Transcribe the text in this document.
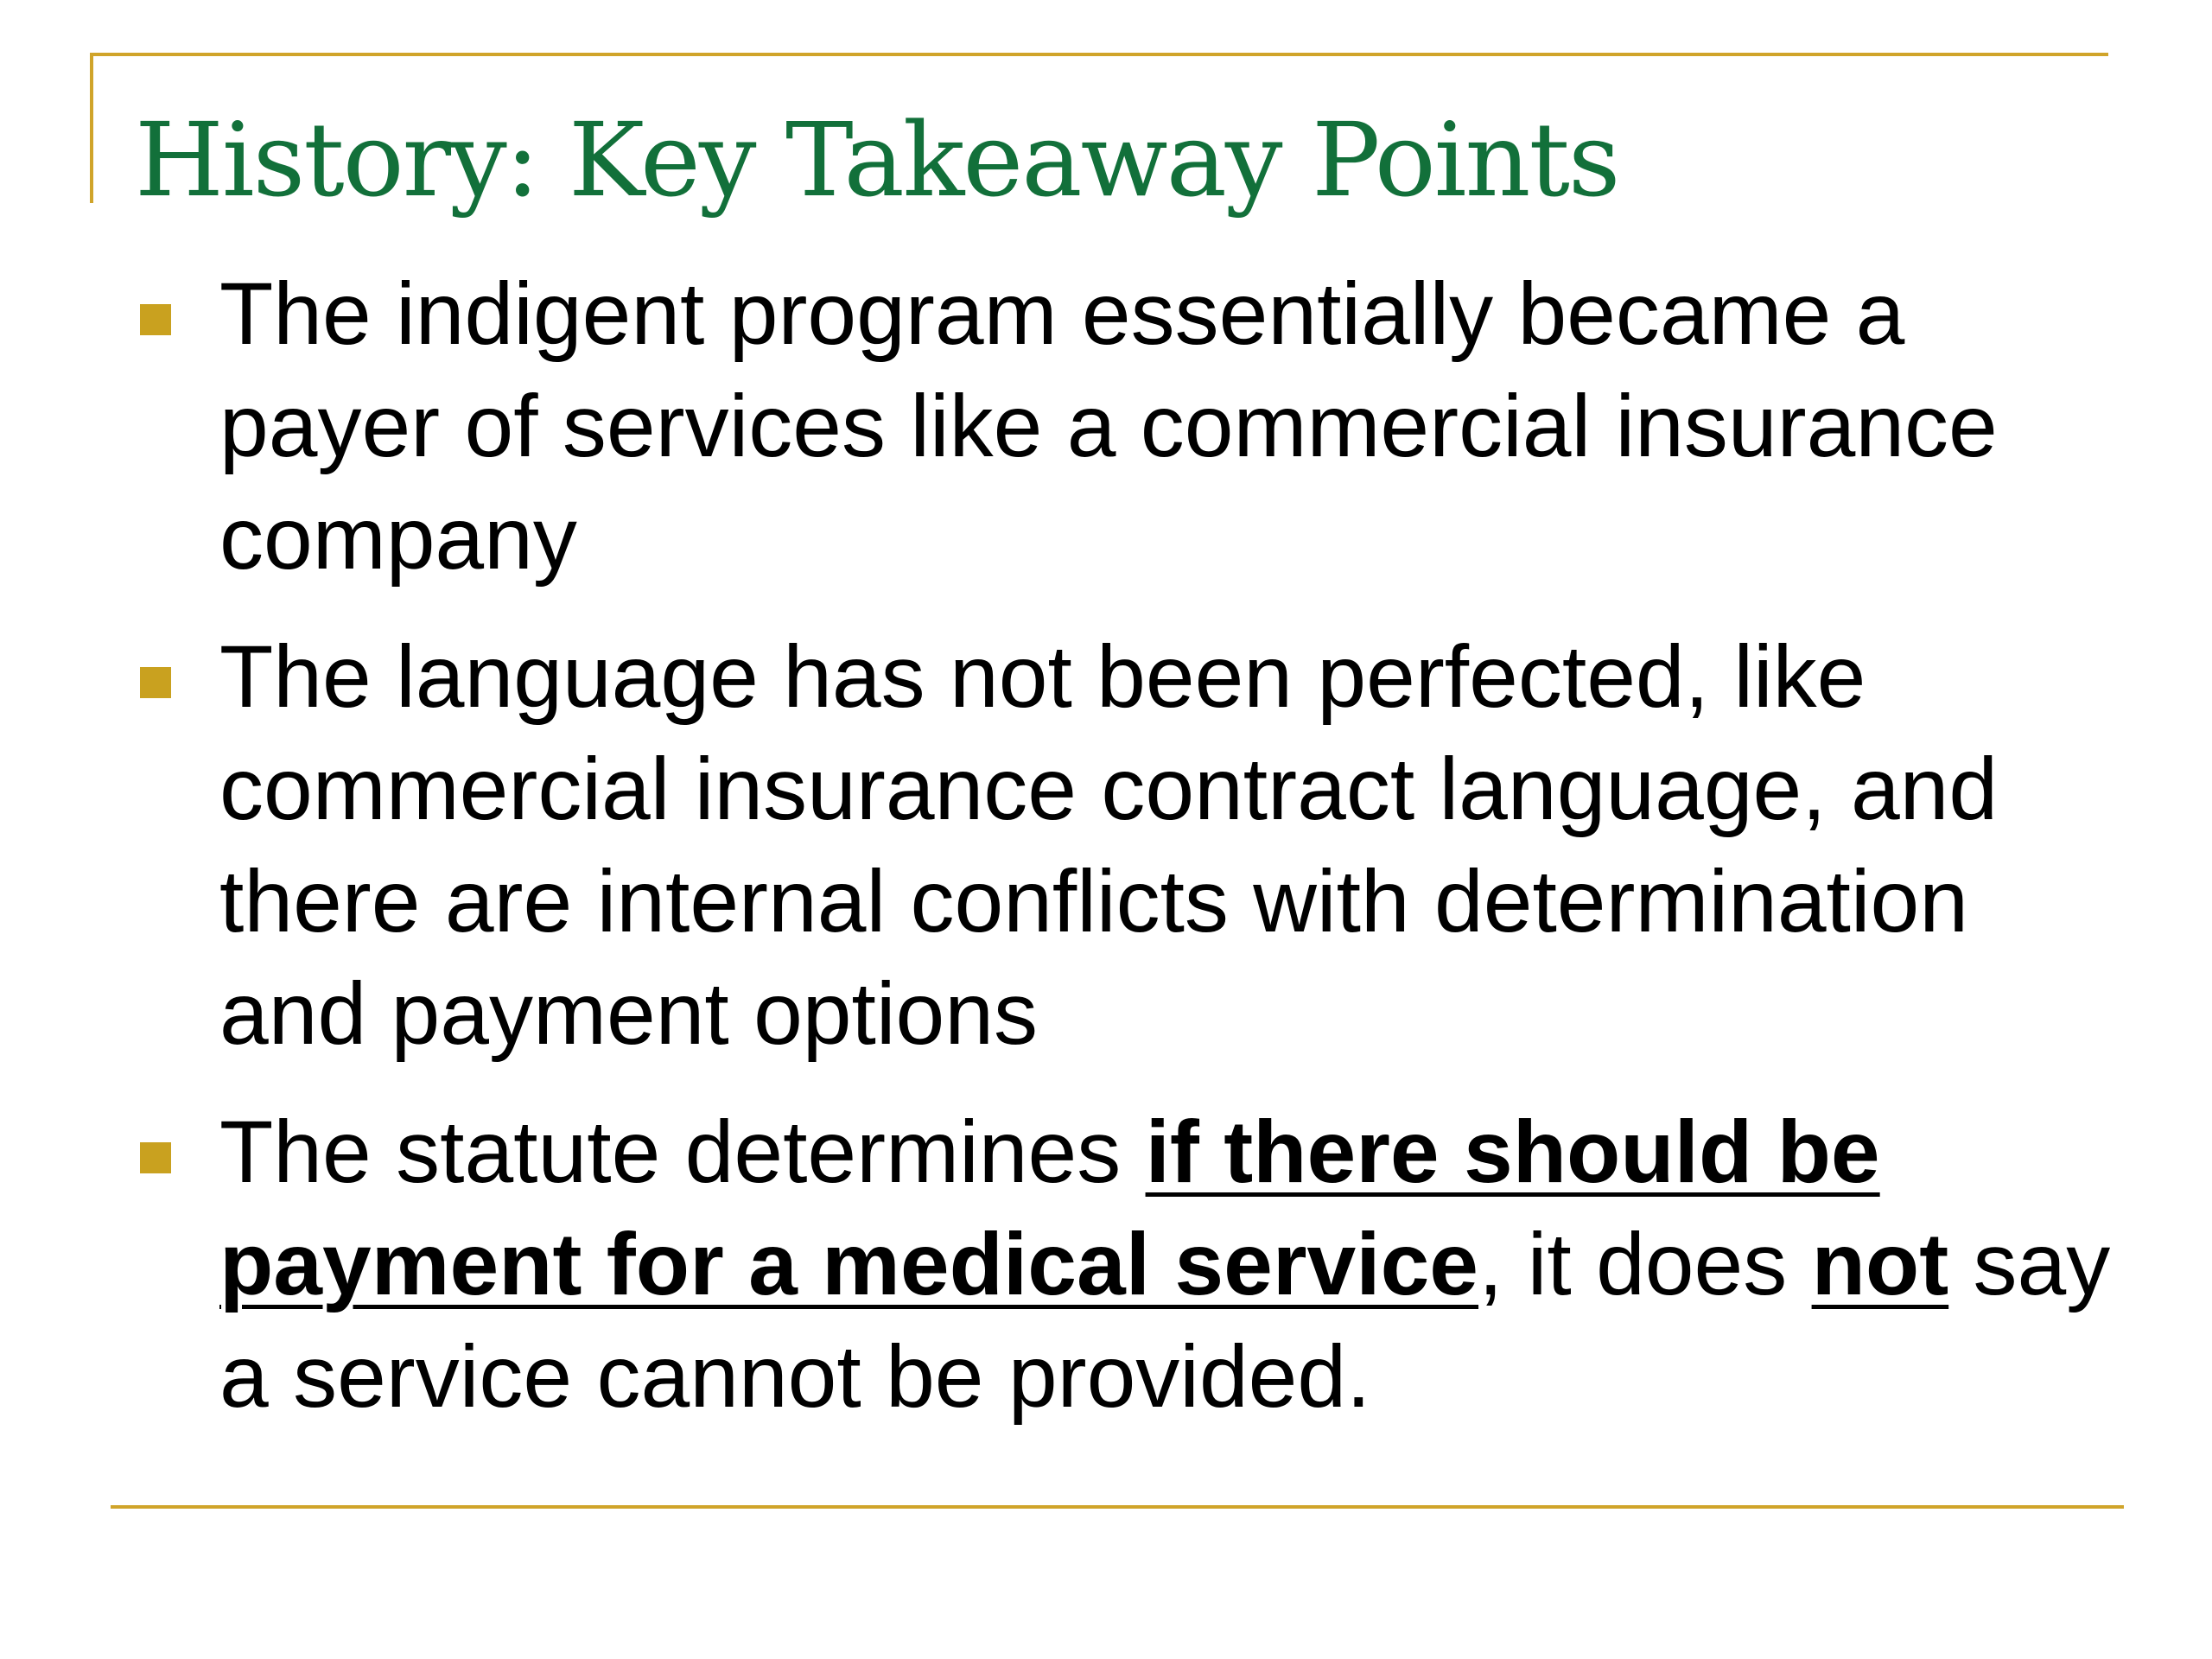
History: Key Takeaway Points
The indigent program essentially became a payer of services like a commercial insurance company
The language has not been perfected, like commercial insurance contract language, and there are internal conflicts with determination and payment options
The statute determines if there should be payment for a medical service, it does not say a service cannot be provided.
